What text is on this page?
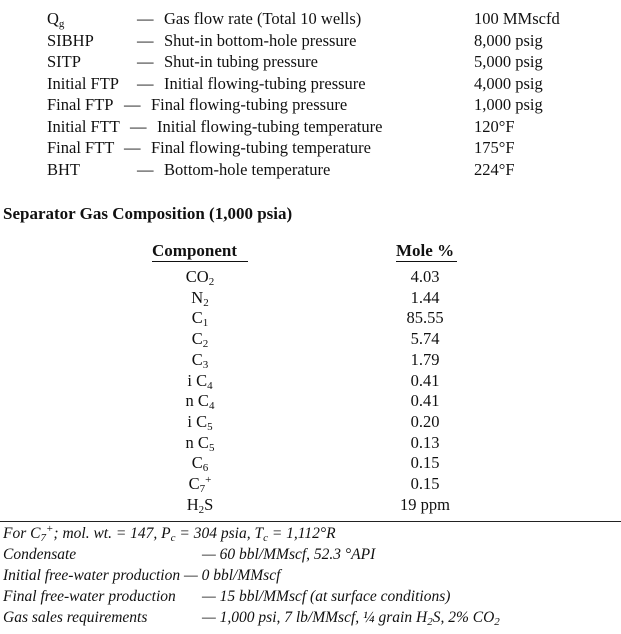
$Q_g$	— Gas flow rate (Total 10 wells)	100 MMscfd
SIBHP	— Shut-in bottom-hole pressure	8,000 psig
SITP	— Shut-in tubing pressure	5,000 psig
Initial FTP — Initial flowing-tubing pressure	4,000 psig
Final FTP — Final flowing-tubing pressure	1,000 psig
Initial FTT — Initial flowing-tubing temperature	120°F
Final FTT — Final flowing-tubing temperature	175°F
BHT	— Bottom-hole temperature	224°F
Separator Gas Composition (1,000 psia)
Component	Mole %
$CO_2$	4.03
$N_2$	1.44
$C_1$	85.55
$C_2$	5.74
$C_3$	1.79
i $C_4$	0.41
n $C_4$	0.41
i $C_5$	0.20
n $C_5$	0.13
$C_6$	0.15
$C_7^+$	0.15
$H_2S$	19 ppm
For $C_7^+$; mol. wt. = 147, $P_c = 304$ psia, $T_c = 1,112^\circ R$
Condensate	— 60 bbl/MMscf, 52.3 °API
Initial free-water production — 0 bbl/MMscf
Final free-water production — 15 bbl/MMscf (at surface conditions)
Gas sales requirements	— 1,000 psi, 7 lb/MMscf, ¼ grain $H_2S$, 2% $CO_2$
